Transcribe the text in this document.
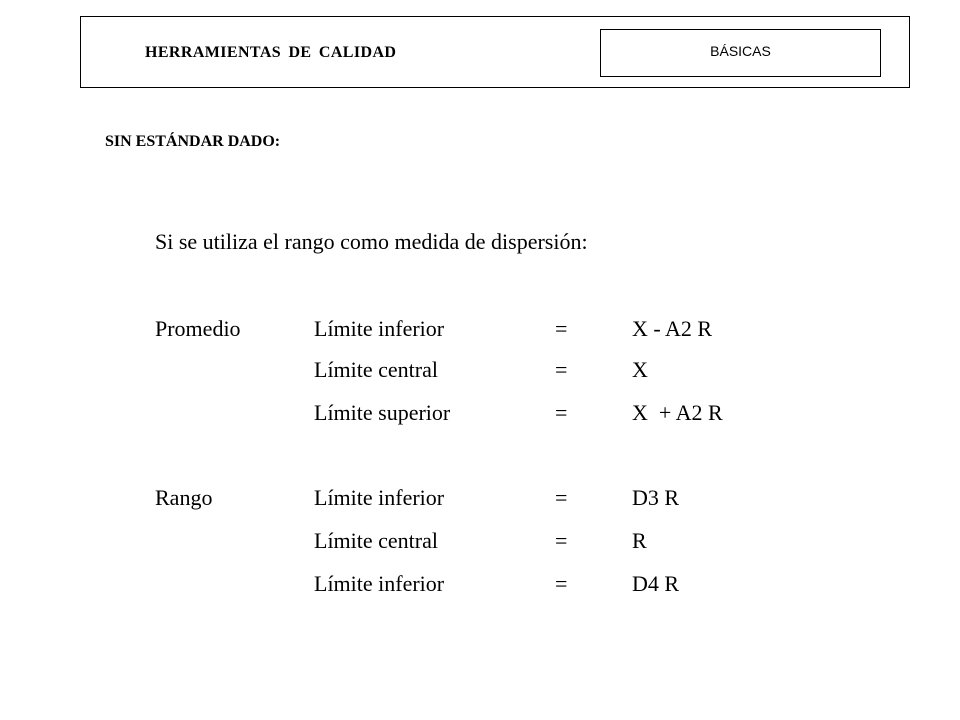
HERRAMIENTAS DE CALIDAD	BÁSICAS
SIN ESTÁNDAR DADO:
Si se utiliza el rango como medida de dispersión:
Promedio	Límite inferior	=	X - A2 R
Límite central	=	X
Límite superior	=	X  + A2 R
Rango	Límite inferior	=	D3 R
Límite central	=	R
Límite inferior	=	D4 R
